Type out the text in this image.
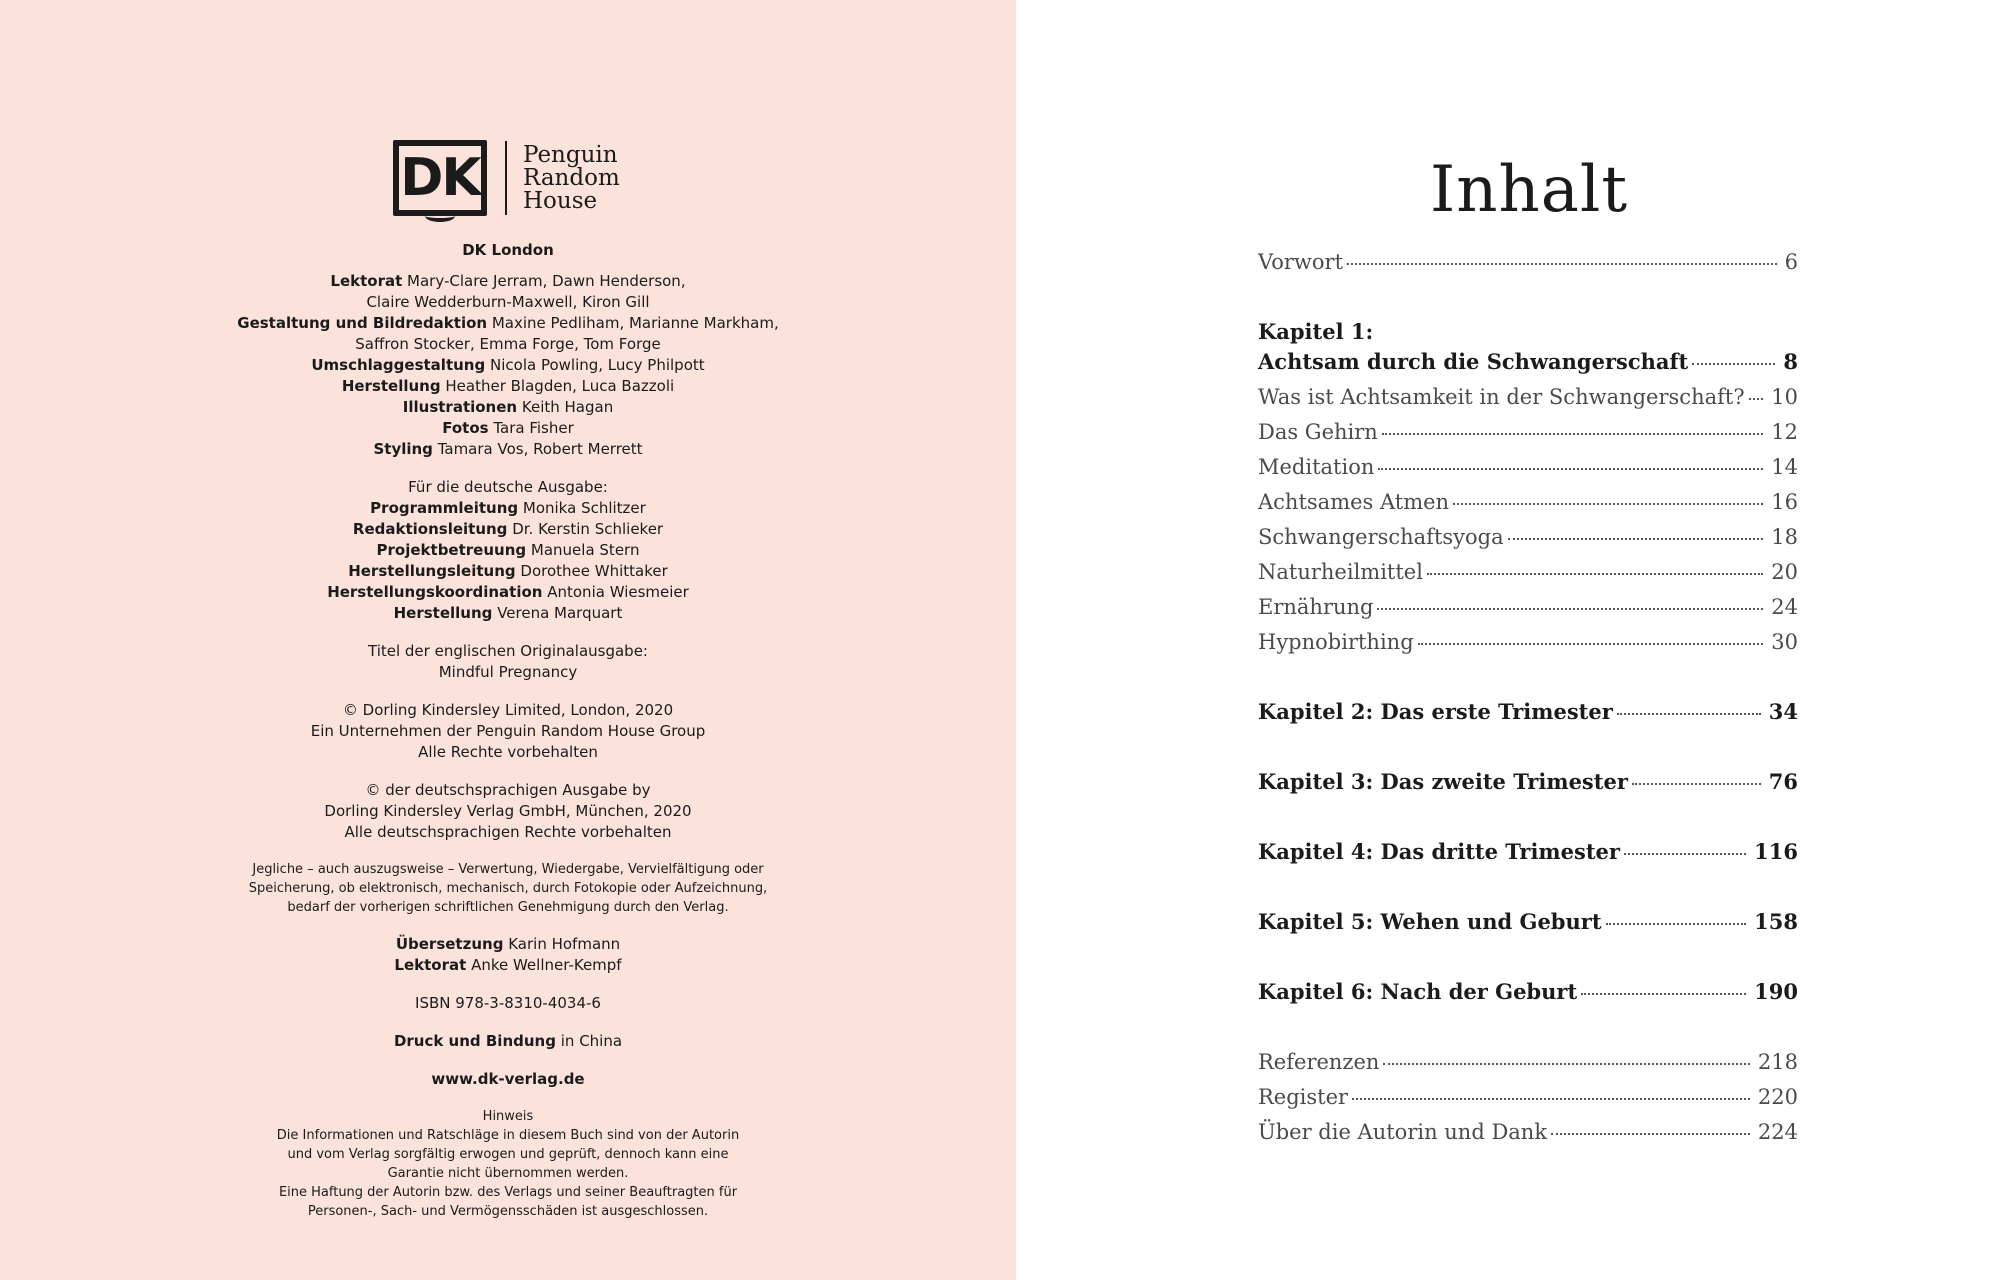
DK	Penguin
Random
House
DK London
Lektorat Mary-Clare Jerram, Dawn Henderson,
Claire Wedderburn-Maxwell, Kiron Gill
Gestaltung und Bildredaktion Maxine Pedliham, Marianne Markham,
Saffron Stocker, Emma Forge, Tom Forge
Umschlaggestaltung Nicola Powling, Lucy Philpott
Herstellung Heather Blagden, Luca Bazzoli
Illustrationen Keith Hagan
Fotos Tara Fisher
Styling Tamara Vos, Robert Merrett
Für die deutsche Ausgabe:
Programmleitung Monika Schlitzer
Redaktionsleitung Dr. Kerstin Schlieker
Projektbetreuung Manuela Stern
Herstellungsleitung Dorothee Whittaker
Herstellungskoordination Antonia Wiesmeier
Herstellung Verena Marquart
Titel der englischen Originalausgabe:
Mindful Pregnancy
© Dorling Kindersley Limited, London, 2020
Ein Unternehmen der Penguin Random House Group
Alle Rechte vorbehalten
© der deutschsprachigen Ausgabe by
Dorling Kindersley Verlag GmbH, München, 2020
Alle deutschsprachigen Rechte vorbehalten
Jegliche – auch auszugsweise – Verwertung, Wiedergabe, Vervielfältigung oder
Speicherung, ob elektronisch, mechanisch, durch Fotokopie oder Aufzeichnung,
bedarf der vorherigen schriftlichen Genehmigung durch den Verlag.
Übersetzung Karin Hofmann
Lektorat Anke Wellner-Kempf
ISBN 978-3-8310-4034-6
Druck und Bindung in China
www.dk-verlag.de
Hinweis
Die Informationen und Ratschläge in diesem Buch sind von der Autorin
und vom Verlag sorgfältig erwogen und geprüft, dennoch kann eine
Garantie nicht übernommen werden.
Eine Haftung der Autorin bzw. des Verlags und seiner Beauftragten für
Personen-, Sach- und Vermögensschäden ist ausgeschlossen.
Inhalt
Vorwort	6
Kapitel 1:
Achtsam durch die Schwangerschaft	8
Was ist Achtsamkeit in der Schwangerschaft? 10
Das Gehirn	12
Meditation	14
Achtsames Atmen	16
Schwangerschaftsyoga	18
Naturheilmittel	20
Ernährung	24
Hypnobirthing	30
Kapitel 2: Das erste Trimester	34
Kapitel 3: Das zweite Trimester	76
Kapitel 4: Das dritte Trimester	116
Kapitel 5: Wehen und Geburt	158
Kapitel 6: Nach der Geburt	190
Referenzen	218
Register	220
Über die Autorin und Dank	224
